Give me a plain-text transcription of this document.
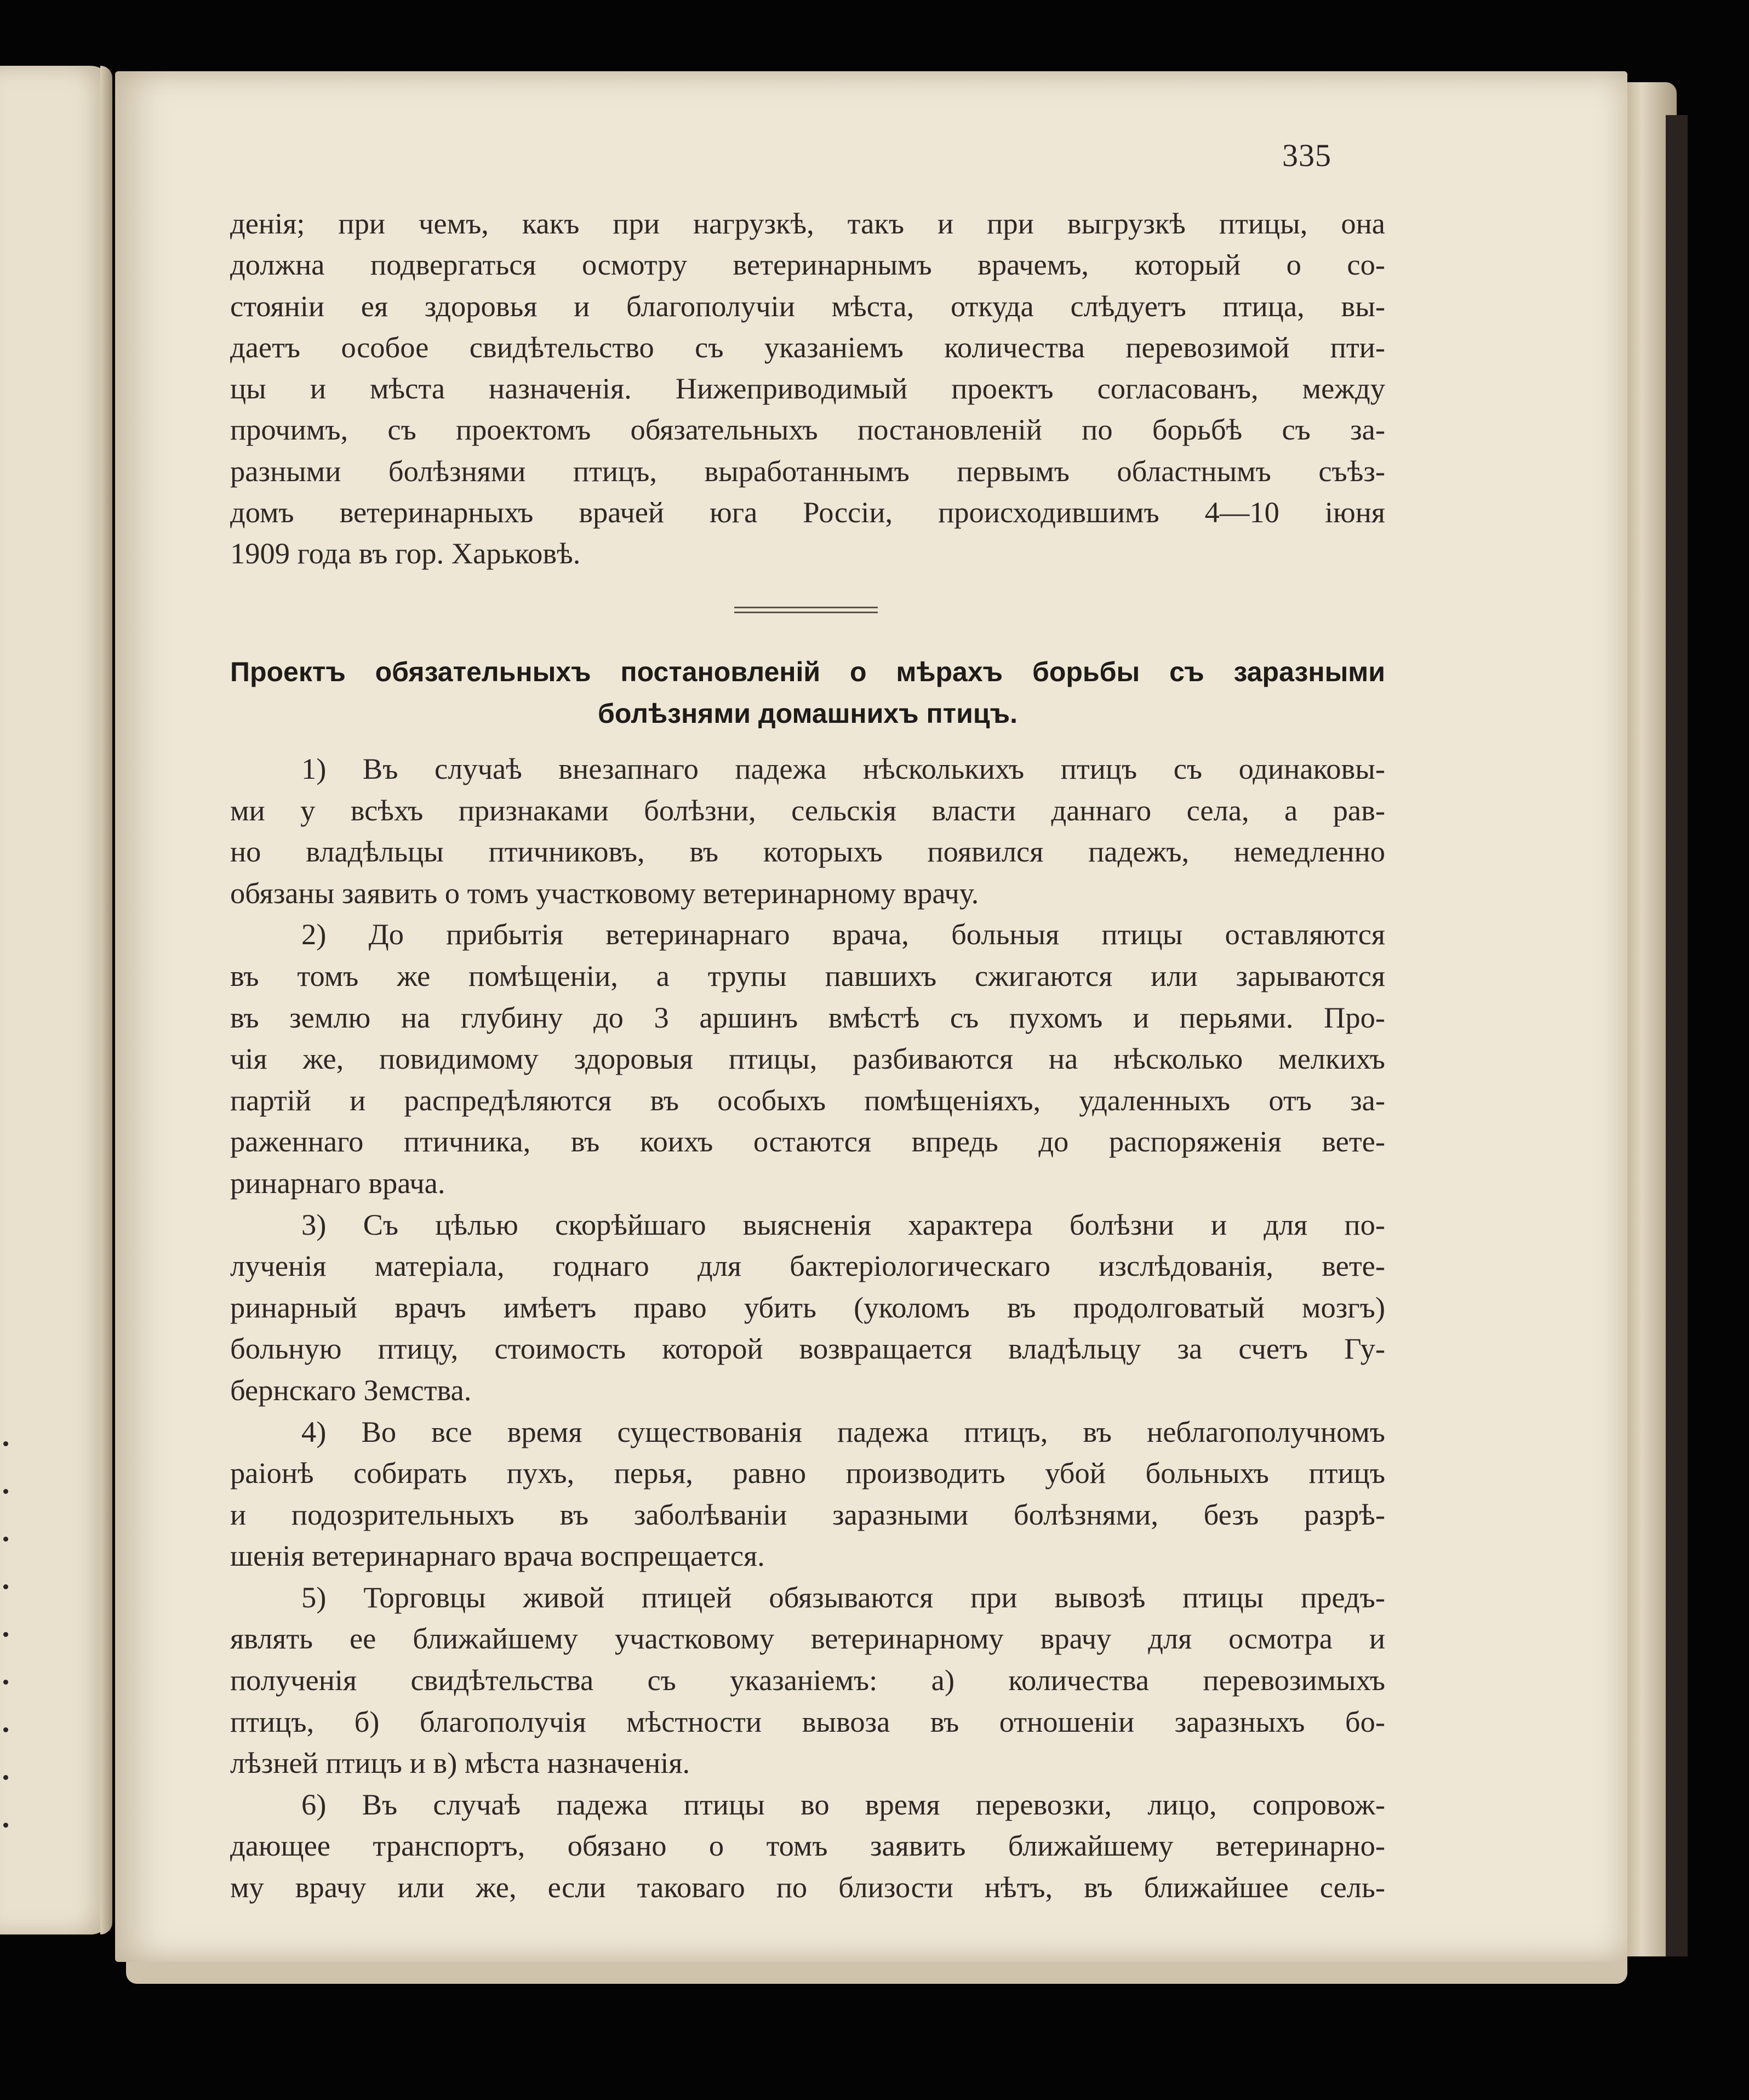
335
денія; при чемъ, какъ при нагрузкѣ, такъ и при выгрузкѣ птицы, она
должна подвергаться осмотру ветеринарнымъ врачемъ, который о со-
стояніи ея здоровья и благополучіи мѣста, откуда слѣдуетъ птица, вы-
даетъ особое свидѣтельство съ указаніемъ количества перевозимой пти-
цы и мѣста назначенія. Нижеприводимый проектъ согласованъ, между
прочимъ, съ проектомъ обязательныхъ постановленій по борьбѣ съ за-
разными болѣзнями птицъ, выработаннымъ первымъ областнымъ съѣз-
домъ ветеринарныхъ врачей юга Россіи, происходившимъ 4—10 іюня
1909 года въ гор. Харьковѣ.
Проектъ обязательныхъ постановленій о мѣрахъ борьбы съ заразными
болѣзнями домашнихъ птицъ.
1) Въ случаѣ внезапнаго падежа нѣсколькихъ птицъ съ одинаковы-
ми у всѣхъ признаками болѣзни, сельскія власти даннаго села, а рав-
но владѣльцы птичниковъ, въ которыхъ появился падежъ, немедленно
обязаны заявить о томъ участковому ветеринарному врачу.
2) До прибытія ветеринарнаго врача, больныя птицы оставляются
въ томъ же помѣщеніи, а трупы павшихъ сжигаются или зарываются
въ землю на глубину до 3 аршинъ вмѣстѣ съ пухомъ и перьями. Про-
чія же, повидимому здоровыя птицы, разбиваются на нѣсколько мелкихъ
партій и распредѣляются въ особыхъ помѣщеніяхъ, удаленныхъ отъ за-
раженнаго птичника, въ коихъ остаются впредь до распоряженія вете-
ринарнаго врача.
3) Съ цѣлью скорѣйшаго выясненія характера болѣзни и для по-
лученія матеріала, годнаго для бактеріологическаго изслѣдованія, вете-
ринарный врачъ имѣетъ право убить (уколомъ въ продолговатый мозгъ)
больную птицу, стоимость которой возвращается владѣльцу за счетъ Гу-
бернскаго Земства.
4) Во все время существованія падежа птицъ, въ неблагополучномъ
раіонѣ собирать пухъ, перья, равно производить убой больныхъ птицъ
и подозрительныхъ въ заболѣваніи заразными болѣзнями, безъ разрѣ-
шенія ветеринарнаго врача воспрещается.
5) Торговцы живой птицей обязываются при вывозѣ птицы предъ-
являть ее ближайшему участковому ветеринарному врачу для осмотра и
полученія свидѣтельства съ указаніемъ: а) количества перевозимыхъ
птицъ, б) благополучія мѣстности вывоза въ отношеніи заразныхъ бо-
лѣзней птицъ и в) мѣста назначенія.
6) Въ случаѣ падежа птицы во время перевозки, лицо, сопровож-
дающее транспортъ, обязано о томъ заявить ближайшему ветеринарно-
му врачу или же, если таковаго по близости нѣтъ, въ ближайшее сель-
